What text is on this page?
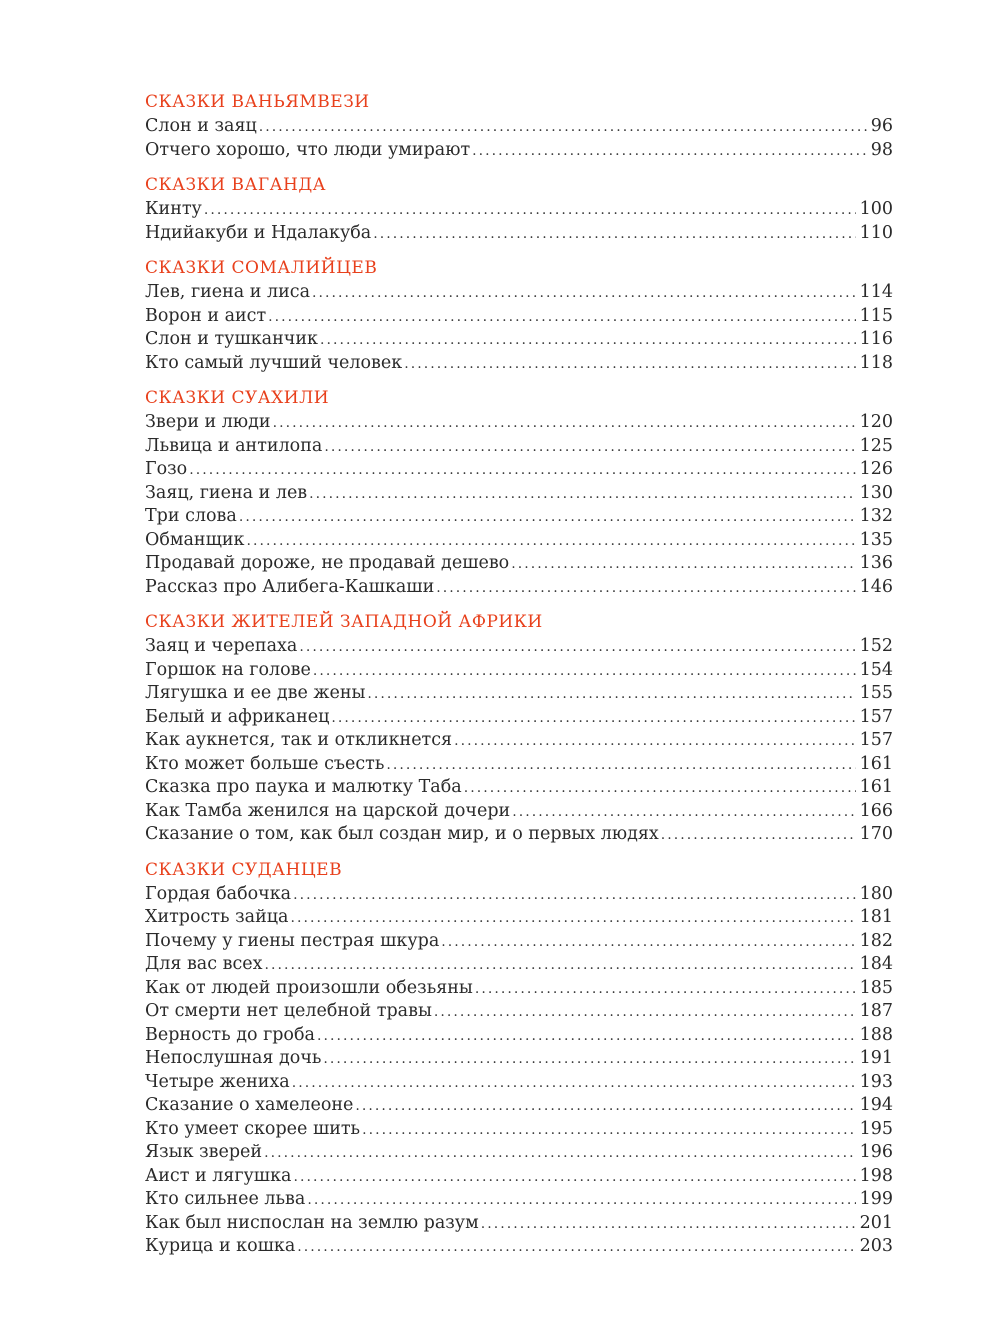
СКАЗКИ ВАНЬЯМВЕЗИ
Слон и заяц . . .	96
Отчего хорошо, что люди умирают . . .	98
СКАЗКИ ВАГАНДА
Кинту . . .	100
Ндийакуби и Ндалакуба . . .	110
СКАЗКИ СОМАЛИЙЦЕВ
Лев, гиена и лиса . . .	114
Ворон и аист . . .	115
Слон и тушканчик . . .	116
Кто самый лучший человек . . .	118
СКАЗКИ СУАХИЛИ
Звери и люди . . .	120
Львица и антилопа . . .	125
Гозо . . .	126
Заяц, гиена и лев . . .	130
Три слова . . .	132
Обманщик . . .	135
Продавай дороже, не продавай дешево . . .	136
Рассказ про Алибега-Кашкаши . . .	146
СКАЗКИ ЖИТЕЛЕЙ ЗАПАДНОЙ АФРИКИ
Заяц и черепаха . . .	152
Горшок на голове . . .	154
Лягушка и ее две жены . . .	155
Белый и африканец . . .	157
Как аукнется, так и откликнется . . .	157
Кто может больше съесть . . .	161
Сказка про паука и малютку Таба . . .	161
Как Тамба женился на царской дочери . . .	166
Сказание о том, как был создан мир, и о первых людях . . .	170
СКАЗКИ СУДАНЦЕВ
Гордая бабочка . . .	180
Хитрость зайца . . .	181
Почему у гиены пестрая шкура . . .	182
Для вас всех . . .	184
Как от людей произошли обезьяны . . .	185
От смерти нет целебной травы . . .	187
Верность до гроба . . .	188
Непослушная дочь . . .	191
Четыре жениха . . .	193
Сказание о хамелеоне . . .	194
Кто умеет скорее шить . . .	195
Язык зверей . . .	196
Аист и лягушка . . .	198
Кто сильнее льва . . .	199
Как был ниспослан на землю разум . . .	201
Курица и кошка . . .	203
